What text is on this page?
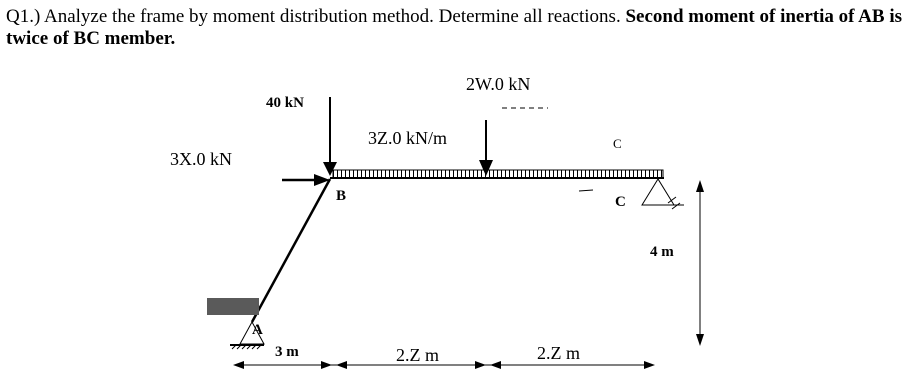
Q1.) Analyze the frame by moment distribution method. Determine all reactions. Second moment of inertia of AB is twice of BC member.
40 kN
3X.0 kN
3Z.0 kN/m
2W.0 kN
A
B
C
C
3 m	2.Z m	2.Z m
4 m
